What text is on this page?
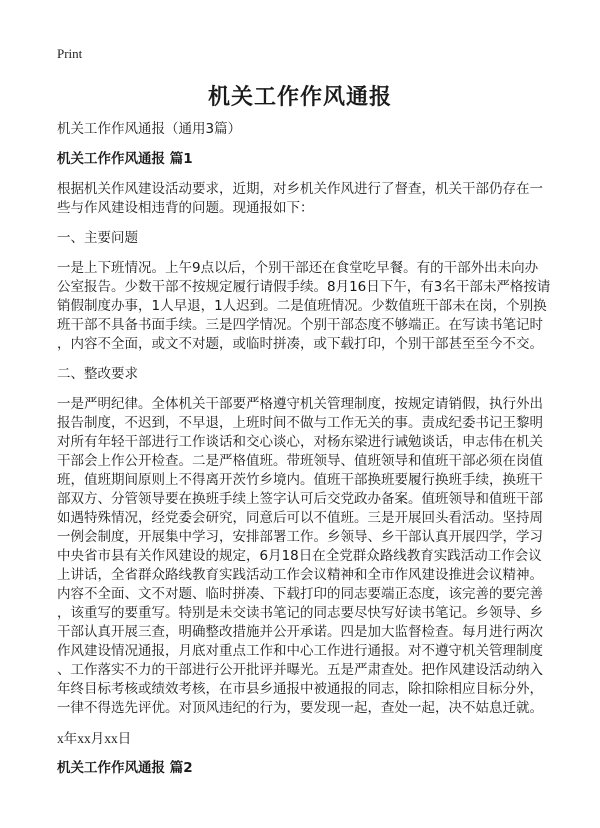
Print
机关工作作风通报
机关工作作风通报（通用3篇）
机关工作作风通报 篇1
根据机关作风建设活动要求，近期，对乡机关作风进行了督查，机关干部仍存在一
些与作风建设相违背的问题。现通报如下：
一、主要问题
一是上下班情况。上午9点以后，个别干部还在食堂吃早餐。有的干部外出未向办
公室报告。少数干部不按规定履行请假手续。8月16日下午，有3名干部未严格按请
销假制度办事，1人早退，1人迟到。二是值班情况。少数值班干部未在岗，个别换
班干部不具备书面手续。三是四学情况。个别干部态度不够端正。在写读书笔记时
，内容不全面，或文不对题，或临时拼凑，或下载打印，个别干部甚至至今不交。
二、整改要求
一是严明纪律。全体机关干部要严格遵守机关管理制度，按规定请销假，执行外出
报告制度，不迟到，不早退，上班时间不做与工作无关的事。责成纪委书记王黎明
对所有年轻干部进行工作谈话和交心谈心，对杨东梁进行诫勉谈话，申志伟在机关
干部会上作公开检查。二是严格值班。带班领导、值班领导和值班干部必须在岗值
班，值班期间原则上不得离开茨竹乡境内。值班干部换班要履行换班手续，换班干
部双方、分管领导要在换班手续上签字认可后交党政办备案。值班领导和值班干部
如遇特殊情况，经党委会研究，同意后可以不值班。三是开展回头看活动。坚持周
一例会制度，开展集中学习，安排部署工作。乡领导、乡干部认真开展四学，学习
中央省市县有关作风建设的规定，6月18日在全党群众路线教育实践活动工作会议
上讲话，全省群众路线教育实践活动工作会议精神和全市作风建设推进会议精神。
内容不全面、文不对题、临时拼凑、下载打印的同志要端正态度，该完善的要完善
，该重写的要重写。特别是未交读书笔记的同志要尽快写好读书笔记。乡领导、乡
干部认真开展三查，明确整改措施并公开承诺。四是加大监督检查。每月进行两次
作风建设情况通报，月底对重点工作和中心工作进行通报。对不遵守机关管理制度
、工作落实不力的干部进行公开批评并曝光。五是严肃查处。把作风建设活动纳入
年终目标考核或绩效考核，在市县乡通报中被通报的同志，除扣除相应目标分外，
一律不得选先评优。对顶风违纪的行为，要发现一起，查处一起，决不姑息迁就。
x年xx月xx日
机关工作作风通报 篇2
